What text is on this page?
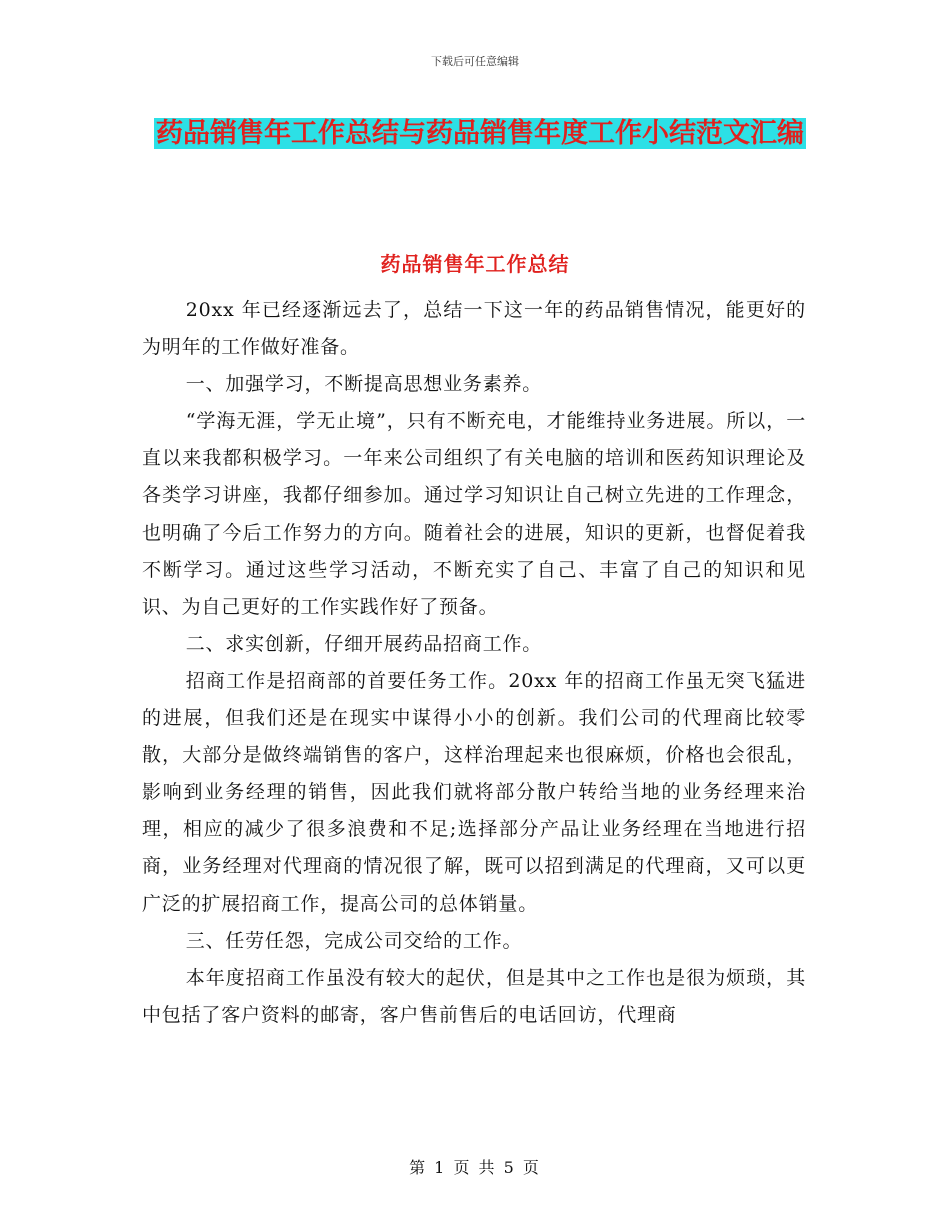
下载后可任意编辑
药品销售年工作总结与药品销售年度工作小结范文汇编
药品销售年工作总结

20xx 年已经逐渐远去了，总结一下这一年的药品销售情况，能更好的为明年的工作做好准备。

一、加强学习，不断提高思想业务素养。

“学海无涯，学无止境”，只有不断充电，才能维持业务进展。所以，一直以来我都积极学习。一年来公司组织了有关电脑的培训和医药知识理论及各类学习讲座，我都仔细参加。通过学习知识让自己树立先进的工作理念，也明确了今后工作努力的方向。随着社会的进展，知识的更新，也督促着我不断学习。通过这些学习活动，不断充实了自己、丰富了自己的知识和见识、为自己更好的工作实践作好了预备。

二、求实创新，仔细开展药品招商工作。

招商工作是招商部的首要任务工作。20xx 年的招商工作虽无突飞猛进的进展，但我们还是在现实中谋得小小的创新。我们公司的代理商比较零散，大部分是做终端销售的客户，这样治理起来也很麻烦，价格也会很乱，影响到业务经理的销售，因此我们就将部分散户转给当地的业务经理来治理，相应的减少了很多浪费和不足;选择部分产品让业务经理在当地进行招商，业务经理对代理商的情况很了解，既可以招到满足的代理商，又可以更广泛的扩展招商工作，提高公司的总体销量。

三、任劳任怨，完成公司交给的工作。

本年度招商工作虽没有较大的起伏，但是其中之工作也是很为烦琐，其中包括了客户资料的邮寄，客户售前售后的电话回访，代理商

第 1 页 共 5 页
